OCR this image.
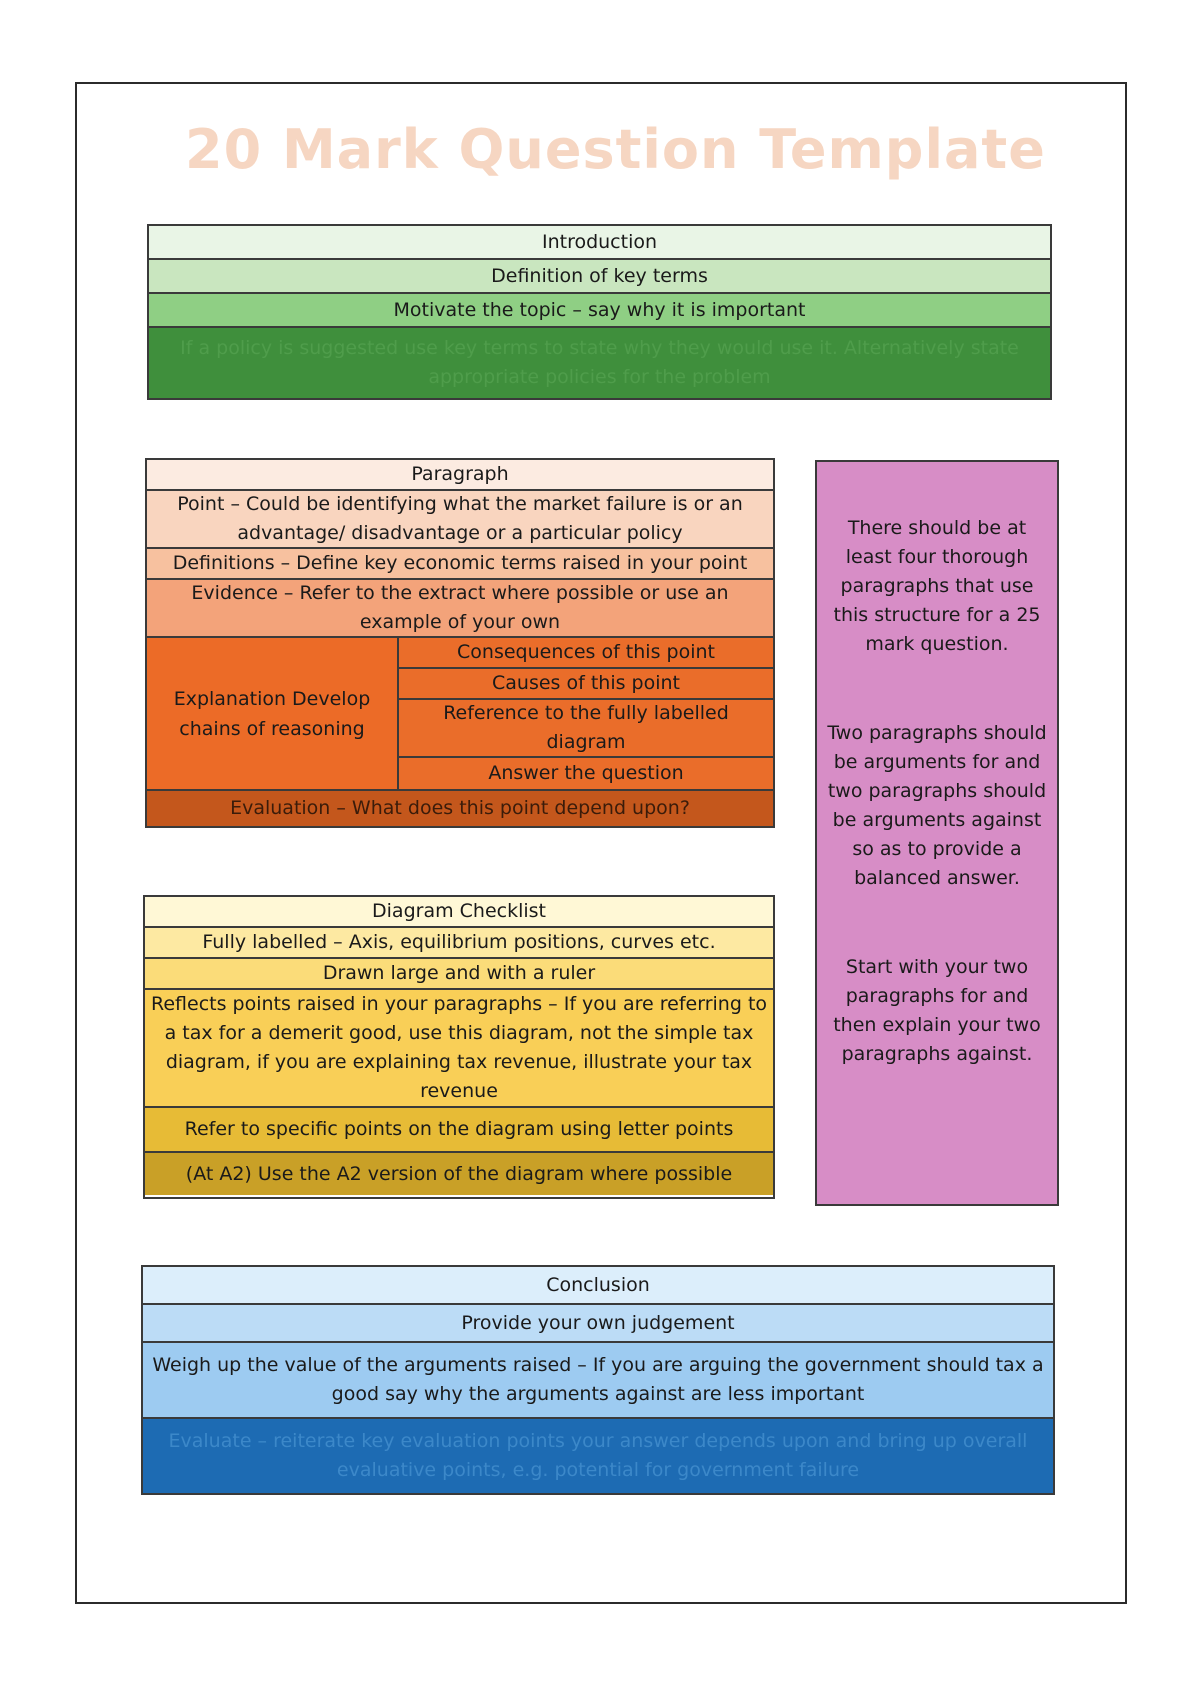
20 Mark Question Template
Introduction
Definition of key terms
Motivate the topic – say why it is important
If a policy is suggested use key terms to state why they would use it. Alternatively state appropriate policies for the problem
Paragraph
Point – Could be identifying what the market failure is or an advantage/ disadvantage or a particular policy
Definitions – Define key economic terms raised in your point
Evidence – Refer to the extract where possible or use an example of your own
Explanation Develop chains of reasoning
Consequences of this point
Causes of this point
Reference to the fully labelled diagram
Answer the question
Evaluation – What does this point depend upon?

There should be at least four thorough paragraphs that use this structure for a 25 mark question.

Two paragraphs should be arguments for and two paragraphs should be arguments against so as to provide a balanced answer.

Start with your two paragraphs for and then explain your two paragraphs against.

Diagram Checklist
Fully labelled – Axis, equilibrium positions, curves etc.
Drawn large and with a ruler
Reflects points raised in your paragraphs – If you are referring to a tax for a demerit good, use this diagram, not the simple tax diagram, if you are explaining tax revenue, illustrate your tax revenue
Refer to specific points on the diagram using letter points
(At A2) Use the A2 version of the diagram where possible
Conclusion
Provide your own judgement
Weigh up the value of the arguments raised – If you are arguing the government should tax a good say why the arguments against are less important
Evaluate – reiterate key evaluation points your answer depends upon and bring up overall evaluative points, e.g. potential for government failure
